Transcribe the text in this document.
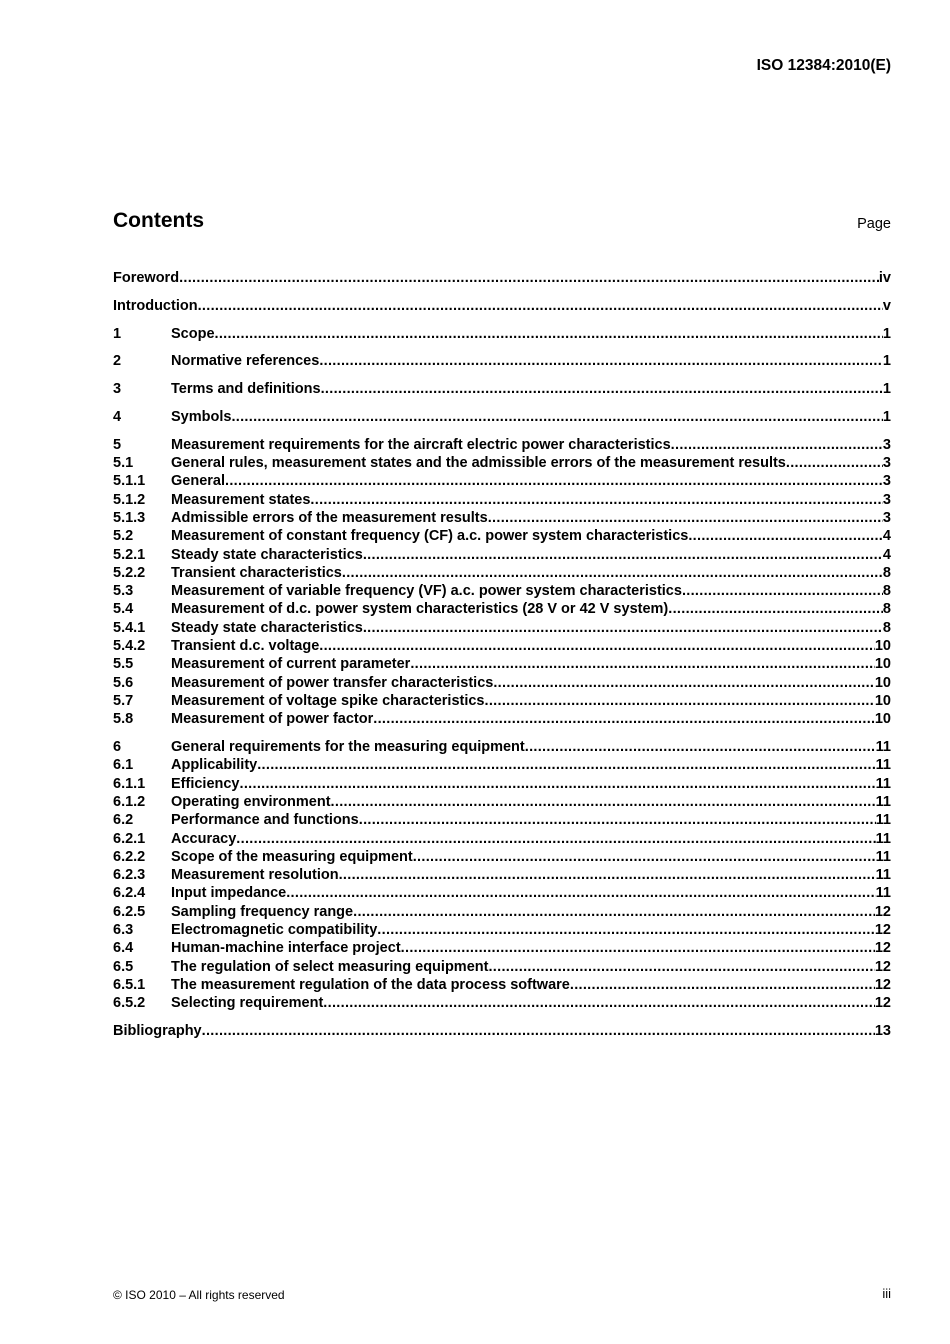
ISO 12384:2010(E)
Contents	Page
Foreword .....	iv
Introduction .....	v
1	Scope .....	1
2	Normative references .....	1
3	Terms and definitions .....	1
4	Symbols .....	1
5	Measurement requirements for the aircraft electric power characteristics .....	3
5.1	General rules, measurement states and the admissible errors of the measurement results .....	3
5.1.1	General .....	3
5.1.2	Measurement states .....	3
5.1.3	Admissible errors of the measurement results .....	3
5.2	Measurement of constant frequency (CF) a.c. power system characteristics .....	4
5.2.1	Steady state characteristics .....	4
5.2.2	Transient characteristics .....	8
5.3	Measurement of variable frequency (VF) a.c. power system characteristics .....	8
5.4	Measurement of d.c. power system characteristics (28 V or 42 V system) .....	8
5.4.1	Steady state characteristics .....	8
5.4.2	Transient d.c. voltage .....	10
5.5	Measurement of current parameter .....	10
5.6	Measurement of power transfer characteristics .....	10
5.7	Measurement of voltage spike characteristics .....	10
5.8	Measurement of power factor .....	10
6	General requirements for the measuring equipment .....	11
6.1	Applicability .....	11
6.1.1	Efficiency .....	11
6.1.2	Operating environment .....	11
6.2	Performance and functions .....	11
6.2.1	Accuracy .....	11
6.2.2	Scope of the measuring equipment .....	11
6.2.3	Measurement resolution .....	11
6.2.4	Input impedance .....	11
6.2.5	Sampling frequency range .....	12
6.3	Electromagnetic compatibility .....	12
6.4	Human-machine interface project .....	12
6.5	The regulation of select measuring equipment .....	12
6.5.1	The measurement regulation of the data process software .....	12
6.5.2	Selecting requirement .....	12
Bibliography .....	13
© ISO 2010 – All rights reserved	iii
